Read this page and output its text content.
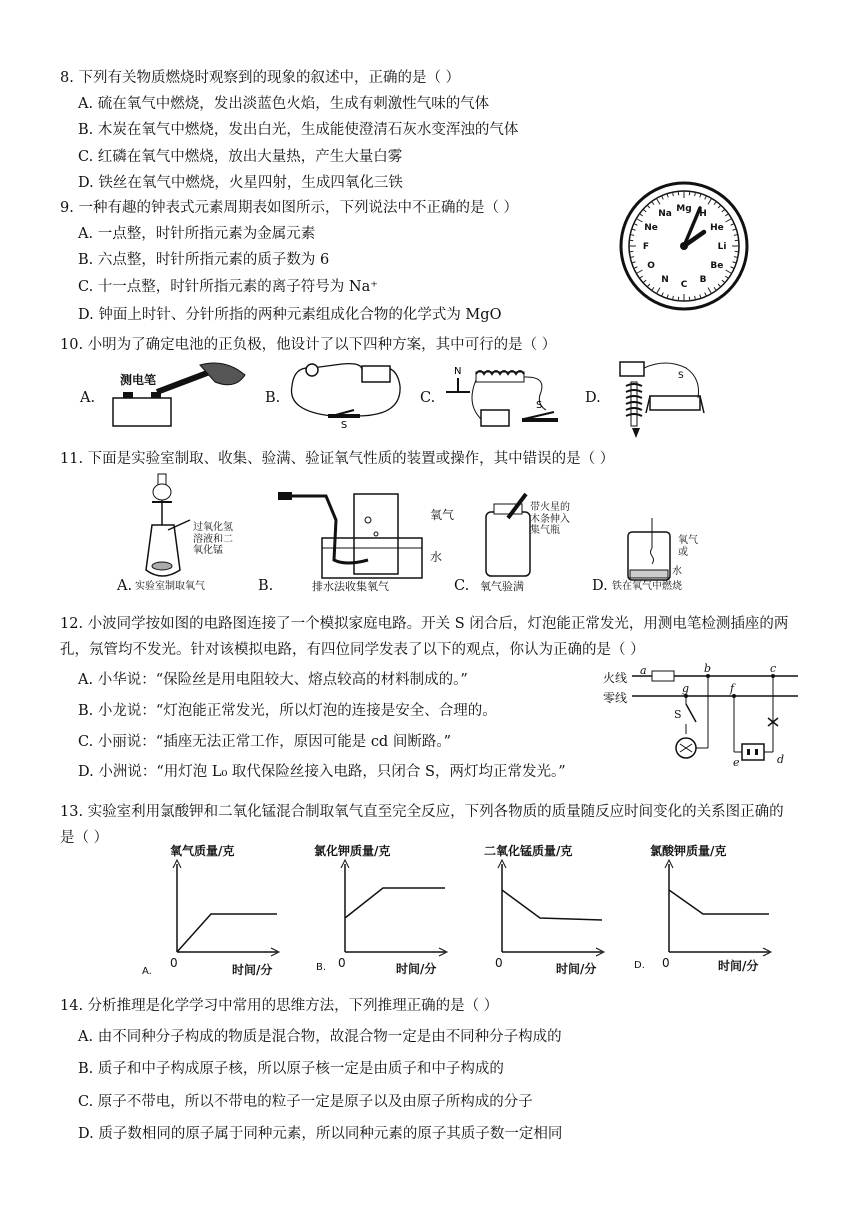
8. 下列有关物质燃烧时观察到的现象的叙述中，正确的是（ ）
A. 硫在氧气中燃烧，发出淡蓝色火焰，生成有刺激性气味的气体
B. 木炭在氧气中燃烧，发出白光，生成能使澄清石灰水变浑浊的气体
C. 红磷在氧气中燃烧，放出大量热，产生大量白雾
D. 铁丝在氧气中燃烧，火星四射，生成四氧化三铁
9. 一种有趣的钟表式元素周期表如图所示，下列说法中不正确的是（ ）
A. 一点整，时针所指元素为金属元素
B. 六点整，时针所指元素的质子数为 6
C. 十一点整，时针所指元素的离子符号为 Na⁺
D. 钟面上时针、分针所指的两种元素组成化合物的化学式为 MgO
Mg
H
He
Li
Be
B
C
N
O
F
Ne
Na
10. 小明为了确定电池的正负极，他设计了以下四种方案，其中可行的是（ ）
A.	B.	C.	D.
测电笔
S
N
S
S
11. 下面是实验室制取、收集、验满、验证氧气性质的装置或操作，其中错误的是（ ）
过氧化氢
溶液和二
氧化锰
A. 实验室制取氧气
氧气
水
B.	排水法收集氧气
带火星的
木条伸入
集气瓶
C. 氧气验满
氧气
或
水
D. 铁在氧气中燃烧
12. 小波同学按如图的电路图连接了一个模拟家庭电路。开关 S 闭合后，灯泡能正常发光，用测电笔检测插座的两
孔，氖管均不发光。针对该模拟电路，有四位同学发表了以下的观点，你认为正确的是（ ）
A. 小华说：“保险丝是用电阻较大、熔点较高的材料制成的。”
B. 小龙说：“灯泡能正常发光，所以灯泡的连接是安全、合理的。
C. 小丽说：“插座无法正常工作，原因可能是 cd 间断路。”
D. 小洲说：“用灯泡 L₀ 取代保险丝接入电路，只闭合 S，两灯均正常发光。”
火线
零线
a	b	c
d
e
f
g
S
13. 实验室利用氯酸钾和二氧化锰混合制取氧气直至完全反应，下列各物质的质量随反应时间变化的关系图正确的
是（ ）
氧气质量/克	氯化钾质量/克	二氧化锰质量/克	氯酸钾质量/克
A.
0	时间/分	B. 0	时间/分	0	时间/分	D. 0	时间/分
14. 分析推理是化学学习中常用的思维方法，下列推理正确的是（ ）
A. 由不同种分子构成的物质是混合物，故混合物一定是由不同种分子构成的
B. 质子和中子构成原子核，所以原子核一定是由质子和中子构成的
C. 原子不带电，所以不带电的粒子一定是原子以及由原子所构成的分子
D. 质子数相同的原子属于同种元素，所以同种元素的原子其质子数一定相同
